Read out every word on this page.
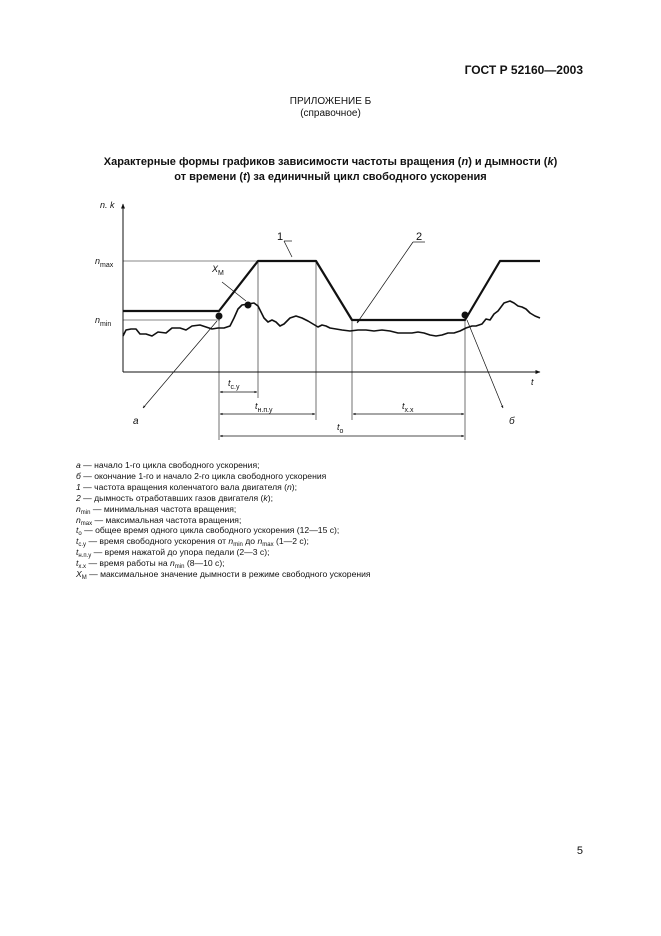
ГОСТ Р 52160—2003
ПРИЛОЖЕНИЕ Б
(справочное)
Характерные формы графиков зависимости частоты вращения (n) и дымности (k)
от времени (t) за единичный цикл свободного ускорения
n. k
t
$n_{max}$
$n_{min}$
$X_M$
1	2
а	б
$t_{с.у}$
$t_{н.п.у}$	$t_{х.х}$
$t_о$
а — начало 1-го цикла свободного ускорения;
б — окончание 1-го и начало 2-го цикла свободного ускорения
1 — частота вращения коленчатого вала двигателя (n);
2 — дымность отработавших газов двигателя (k);
$n_{min}$ — минимальная частота вращения;
$n_{max}$ — максимальная частота вращения;
$t_о$ — общее время одного цикла свободного ускорения (12—15 с);
$t_{с.у}$ — время свободного ускорения от $n_{min}$ до $n_{max}$ (1—2 с);
$t_{н.п.у}$ — время нажатой до упора педали (2—3 с);
$t_{х.х}$ — время работы на $n_{min}$ (8—10 с);
$X_M$ — максимальное значение дымности в режиме свободного ускорения
5
